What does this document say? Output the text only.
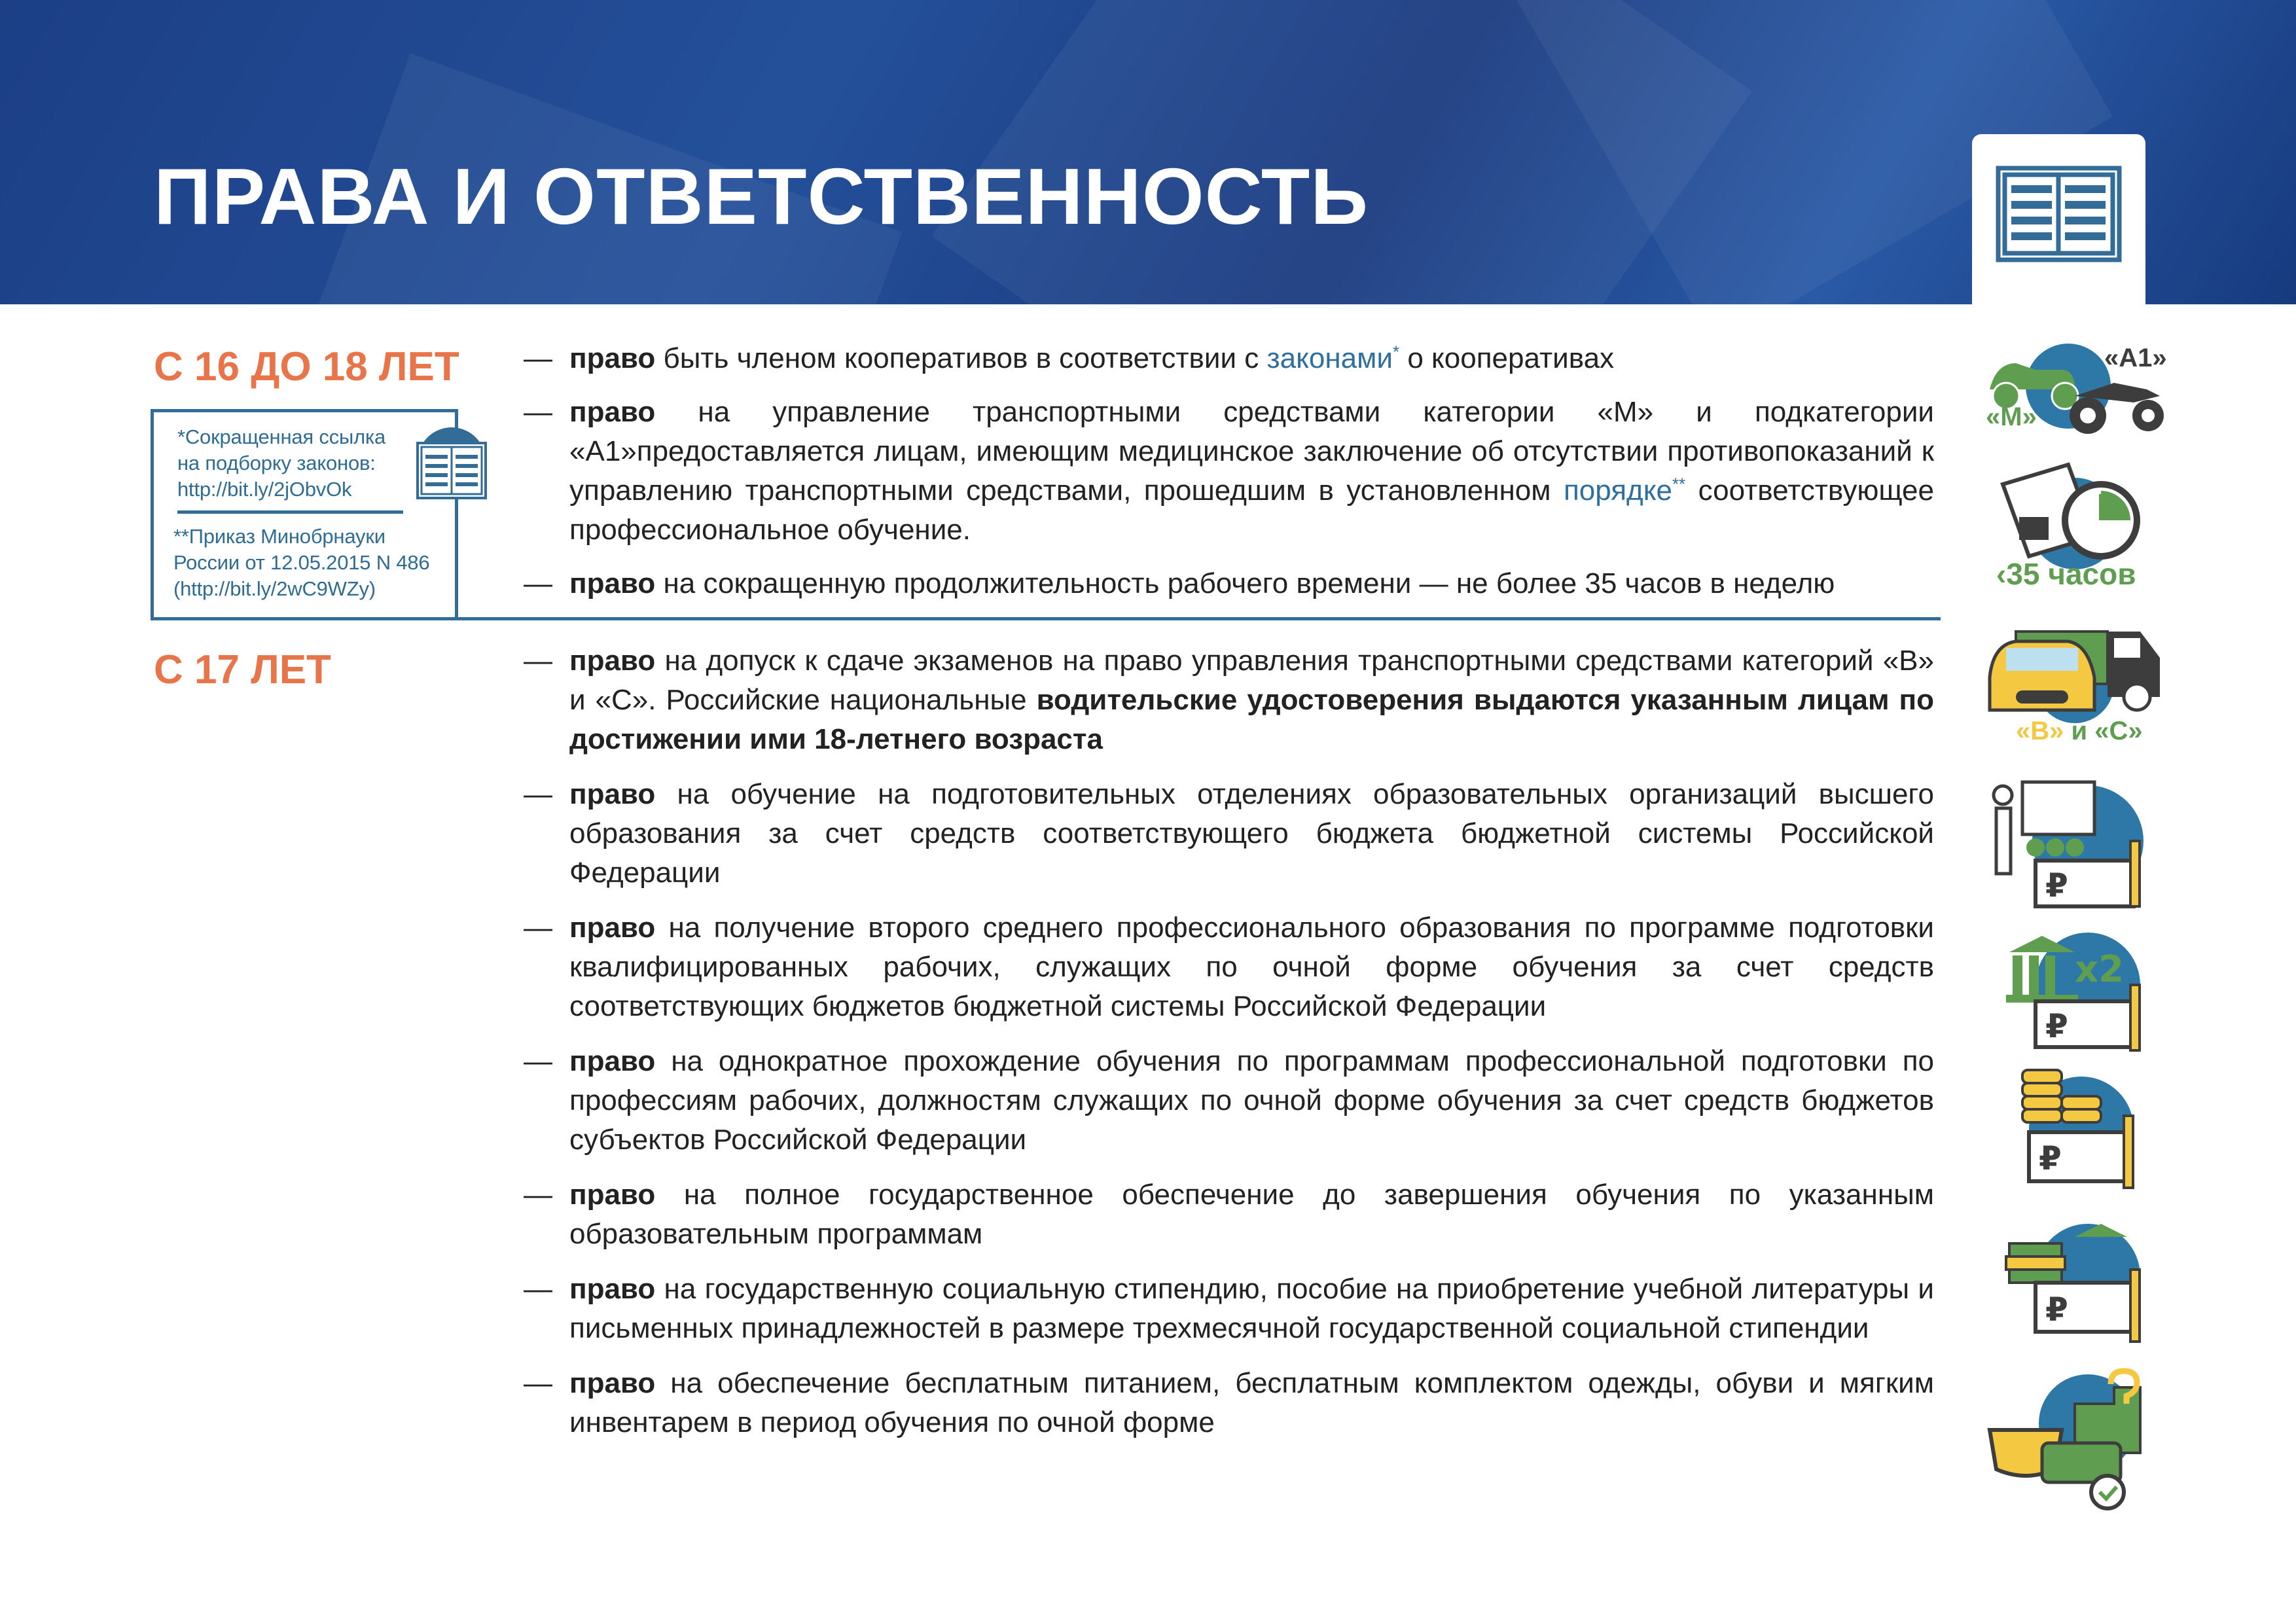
ПРАВА И ОТВЕТСТВЕННОСТЬ
С 16 ДО 18 ЛЕТ

*Сокращенная ссылка

на подборку законов:

http://bit.ly/2jObvOk

**Приказ Минобрнауки

России от 12.05.2015 N 486

(http://bit.ly/2wC9WZy)

— право быть членом кооперативов в соответствии с законами* о кооперативах
— право на управление транспортными средствами категории «М» и подкатегории «А1»предоставляется лицам, имеющим медицинское заключение об отсутствии противопоказаний к управлению транспортными средствами, прошедшим в установленном порядке** соответствующее профессиональное обучение.
— право на сокращенную продолжительность рабочего времени — не более 35 часов в неделю
С 17 ЛЕТ	— право на допуск к сдаче экзаменов на право управления транспортными средствами категорий «В» и «С». Российские национальные водительские удостоверения выдаются указанным лицам по достижении ими 18-летнего возраста
— право на обучение на подготовительных отделениях образовательных организаций высшего образования за счет средств соответствующего бюджета бюджетной системы Российской Федерации
— право на получение второго среднего профессионального образования по программе подготовки квалифицированных рабочих, служащих по очной форме обучения за счет средств соответствующих бюджетов бюджетной системы Российской Федерации
— право на однократное прохождение обучения по программам профессиональной подготовки по профессиям рабочих, должностям служащих по очной форме обучения за счет средств бюджетов субъектов Российской Федерации
— право на полное государственное обеспечение до завершения обучения по указанным образовательным программам
— право на государственную социальную стипендию, пособие на приобретение учебной литературы и письменных принадлежностей в размере трехмесячной государственной социальной стипендии
— право на обеспечение бесплатным питанием, бесплатным комплектом одежды, обуви и мягким инвентарем в период обучения по очной форме
«М»
«А1»
‹35 часов
«В» и «С»
₽
x2
₽
₽
₽
